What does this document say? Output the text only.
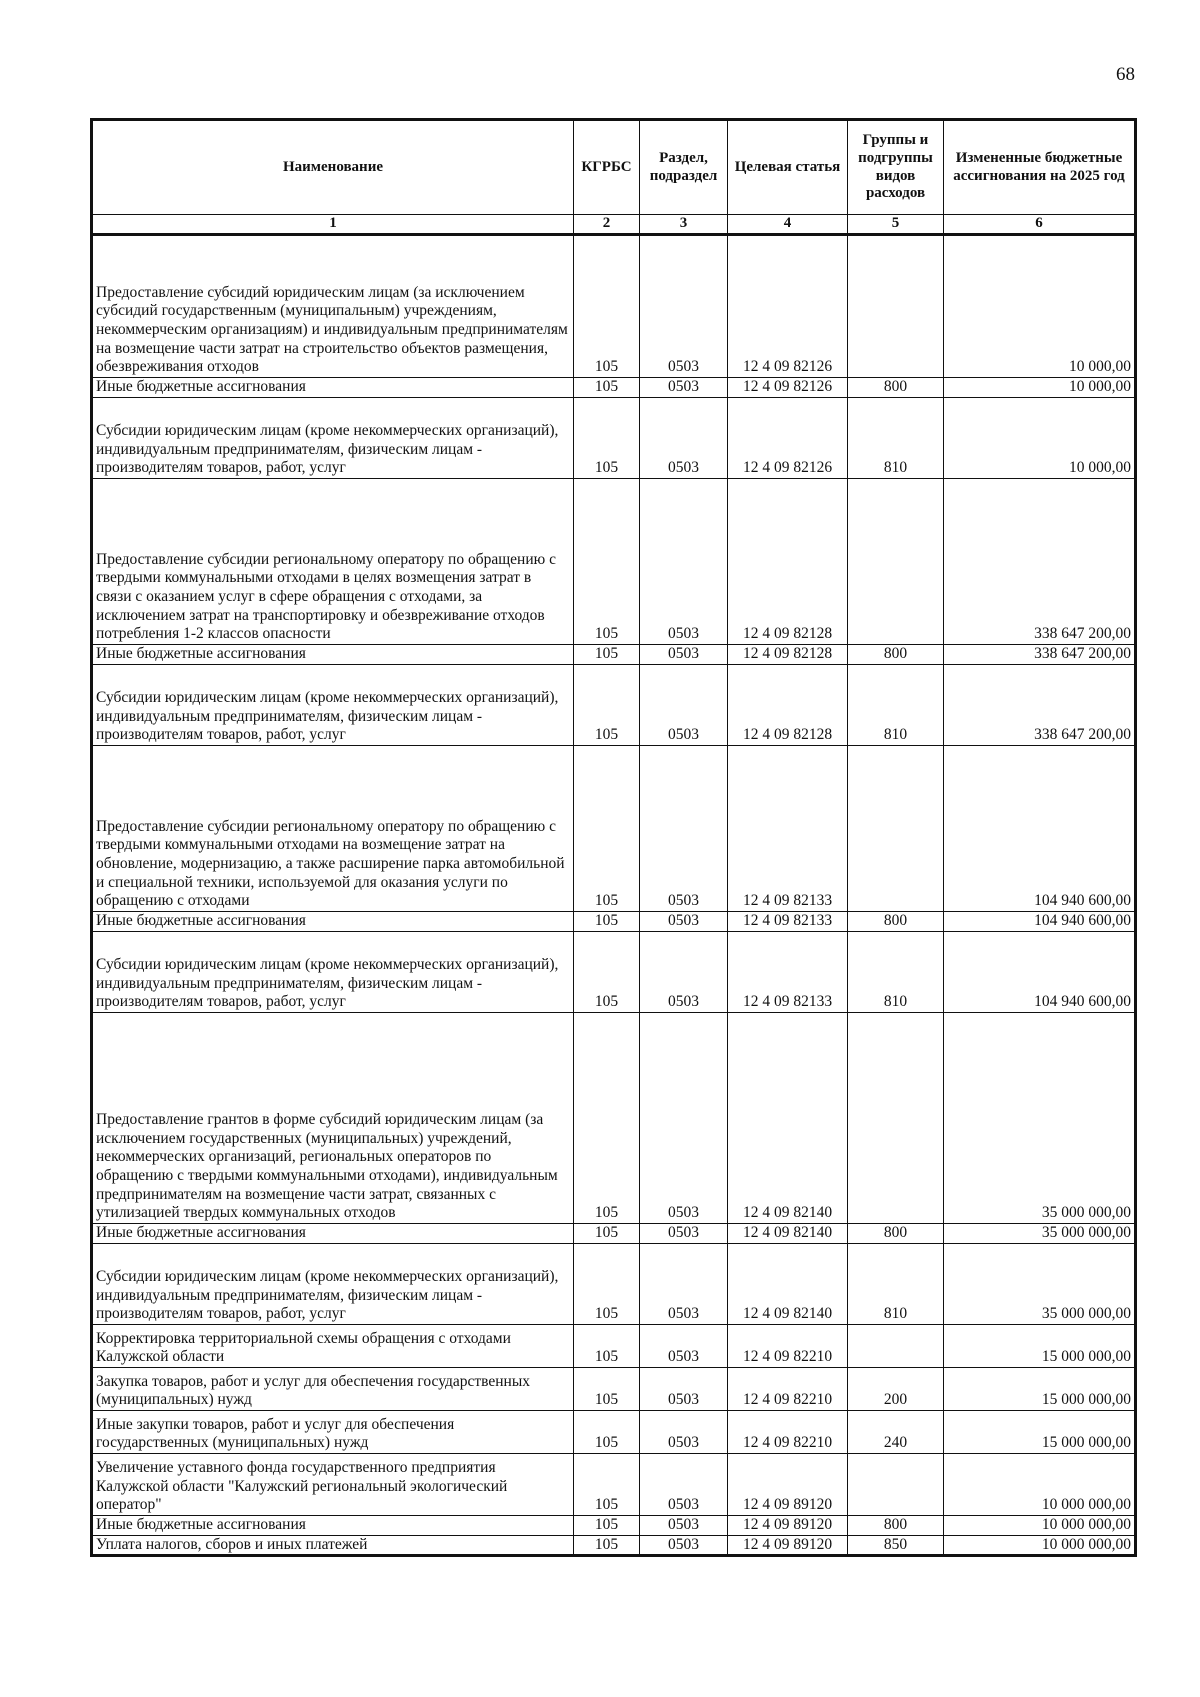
68
Наименование	КГРБС	Раздел, подраздел	Целевая статья	Группы и подгруппы видов расходов	Измененные бюджетные ассигнования на 2025 год
1	2	3	4	5	6
Предоставление субсидий юридическим лицам (за исключением субсидий государственным (муниципальным) учреждениям, некоммерческим организациям) и индивидуальным предпринимателям на возмещение части затрат на строительство объектов размещения, обезвреживания отходов	105	0503	12 4 09 82126		10 000,00
Иные бюджетные ассигнования	105	0503	12 4 09 82126	800	10 000,00
Субсидии юридическим лицам (кроме некоммерческих организаций), индивидуальным предпринимателям, физическим лицам - производителям товаров, работ, услуг	105	0503	12 4 09 82126	810	10 000,00
Предоставление субсидии региональному оператору по обращению с твердыми коммунальными отходами в целях возмещения затрат в связи с оказанием услуг в сфере обращения с отходами, за исключением затрат на транспортировку и обезвреживание отходов потребления 1-2 классов опасности	105	0503	12 4 09 82128		338 647 200,00
Иные бюджетные ассигнования	105	0503	12 4 09 82128	800	338 647 200,00
Субсидии юридическим лицам (кроме некоммерческих организаций), индивидуальным предпринимателям, физическим лицам - производителям товаров, работ, услуг	105	0503	12 4 09 82128	810	338 647 200,00
Предоставление субсидии региональному оператору по обращению с твердыми коммунальными отходами на возмещение затрат на обновление, модернизацию, а также расширение парка автомобильной и специальной техники, используемой для оказания услуги по обращению с отходами	105	0503	12 4 09 82133		104 940 600,00
Иные бюджетные ассигнования	105	0503	12 4 09 82133	800	104 940 600,00
Субсидии юридическим лицам (кроме некоммерческих организаций), индивидуальным предпринимателям, физическим лицам - производителям товаров, работ, услуг	105	0503	12 4 09 82133	810	104 940 600,00
Предоставление грантов в форме субсидий юридическим лицам (за исключением государственных (муниципальных) учреждений, некоммерческих организаций, региональных операторов по обращению с твердыми коммунальными отходами), индивидуальным предпринимателям на возмещение части затрат, связанных с утилизацией твердых коммунальных отходов	105	0503	12 4 09 82140		35 000 000,00
Иные бюджетные ассигнования	105	0503	12 4 09 82140	800	35 000 000,00
Субсидии юридическим лицам (кроме некоммерческих организаций), индивидуальным предпринимателям, физическим лицам - производителям товаров, работ, услуг	105	0503	12 4 09 82140	810	35 000 000,00
Корректировка территориальной схемы обращения с отходами Калужской области	105	0503	12 4 09 82210		15 000 000,00
Закупка товаров, работ и услуг для обеспечения государственных (муниципальных) нужд	105	0503	12 4 09 82210	200	15 000 000,00
Иные закупки товаров, работ и услуг для обеспечения государственных (муниципальных) нужд	105	0503	12 4 09 82210	240	15 000 000,00
Увеличение уставного фонда государственного предприятия Калужской области "Калужский региональный экологический оператор"	105	0503	12 4 09 89120		10 000 000,00
Иные бюджетные ассигнования	105	0503	12 4 09 89120	800	10 000 000,00
Уплата налогов, сборов и иных платежей	105	0503	12 4 09 89120	850	10 000 000,00
